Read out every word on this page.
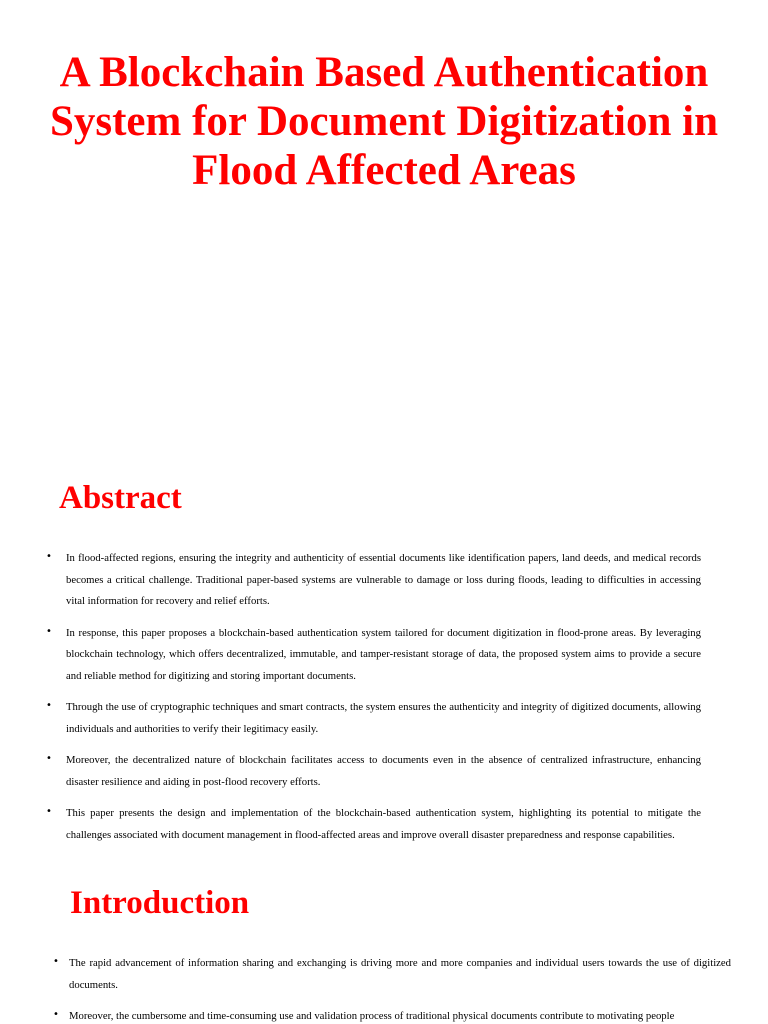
A Blockchain Based Authentication System for Document Digitization in Flood Affected Areas
Abstract
• In flood-affected regions, ensuring the integrity and authenticity of essential documents like identification papers, land deeds, and medical records becomes a critical challenge. Traditional paper-based systems are vulnerable to damage or loss during floods, leading to difficulties in accessing vital information for recovery and relief efforts.
• In response, this paper proposes a blockchain-based authentication system tailored for document digitization in flood-prone areas. By leveraging blockchain technology, which offers decentralized, immutable, and tamper-resistant storage of data, the proposed system aims to provide a secure and reliable method for digitizing and storing important documents.
• Through the use of cryptographic techniques and smart contracts, the system ensures the authenticity and integrity of digitized documents, allowing individuals and authorities to verify their legitimacy easily.
• Moreover, the decentralized nature of blockchain facilitates access to documents even in the absence of centralized infrastructure, enhancing disaster resilience and aiding in post-flood recovery efforts.
• This paper presents the design and implementation of the blockchain-based authentication system, highlighting its potential to mitigate the challenges associated with document management in flood-affected areas and improve overall disaster preparedness and response capabilities.
Introduction
• The rapid advancement of information sharing and exchanging is driving more and more companies and individual users towards the use of digitized documents.
• Moreover, the cumbersome and time-consuming use and validation process of traditional physical documents contribute to motivating people
